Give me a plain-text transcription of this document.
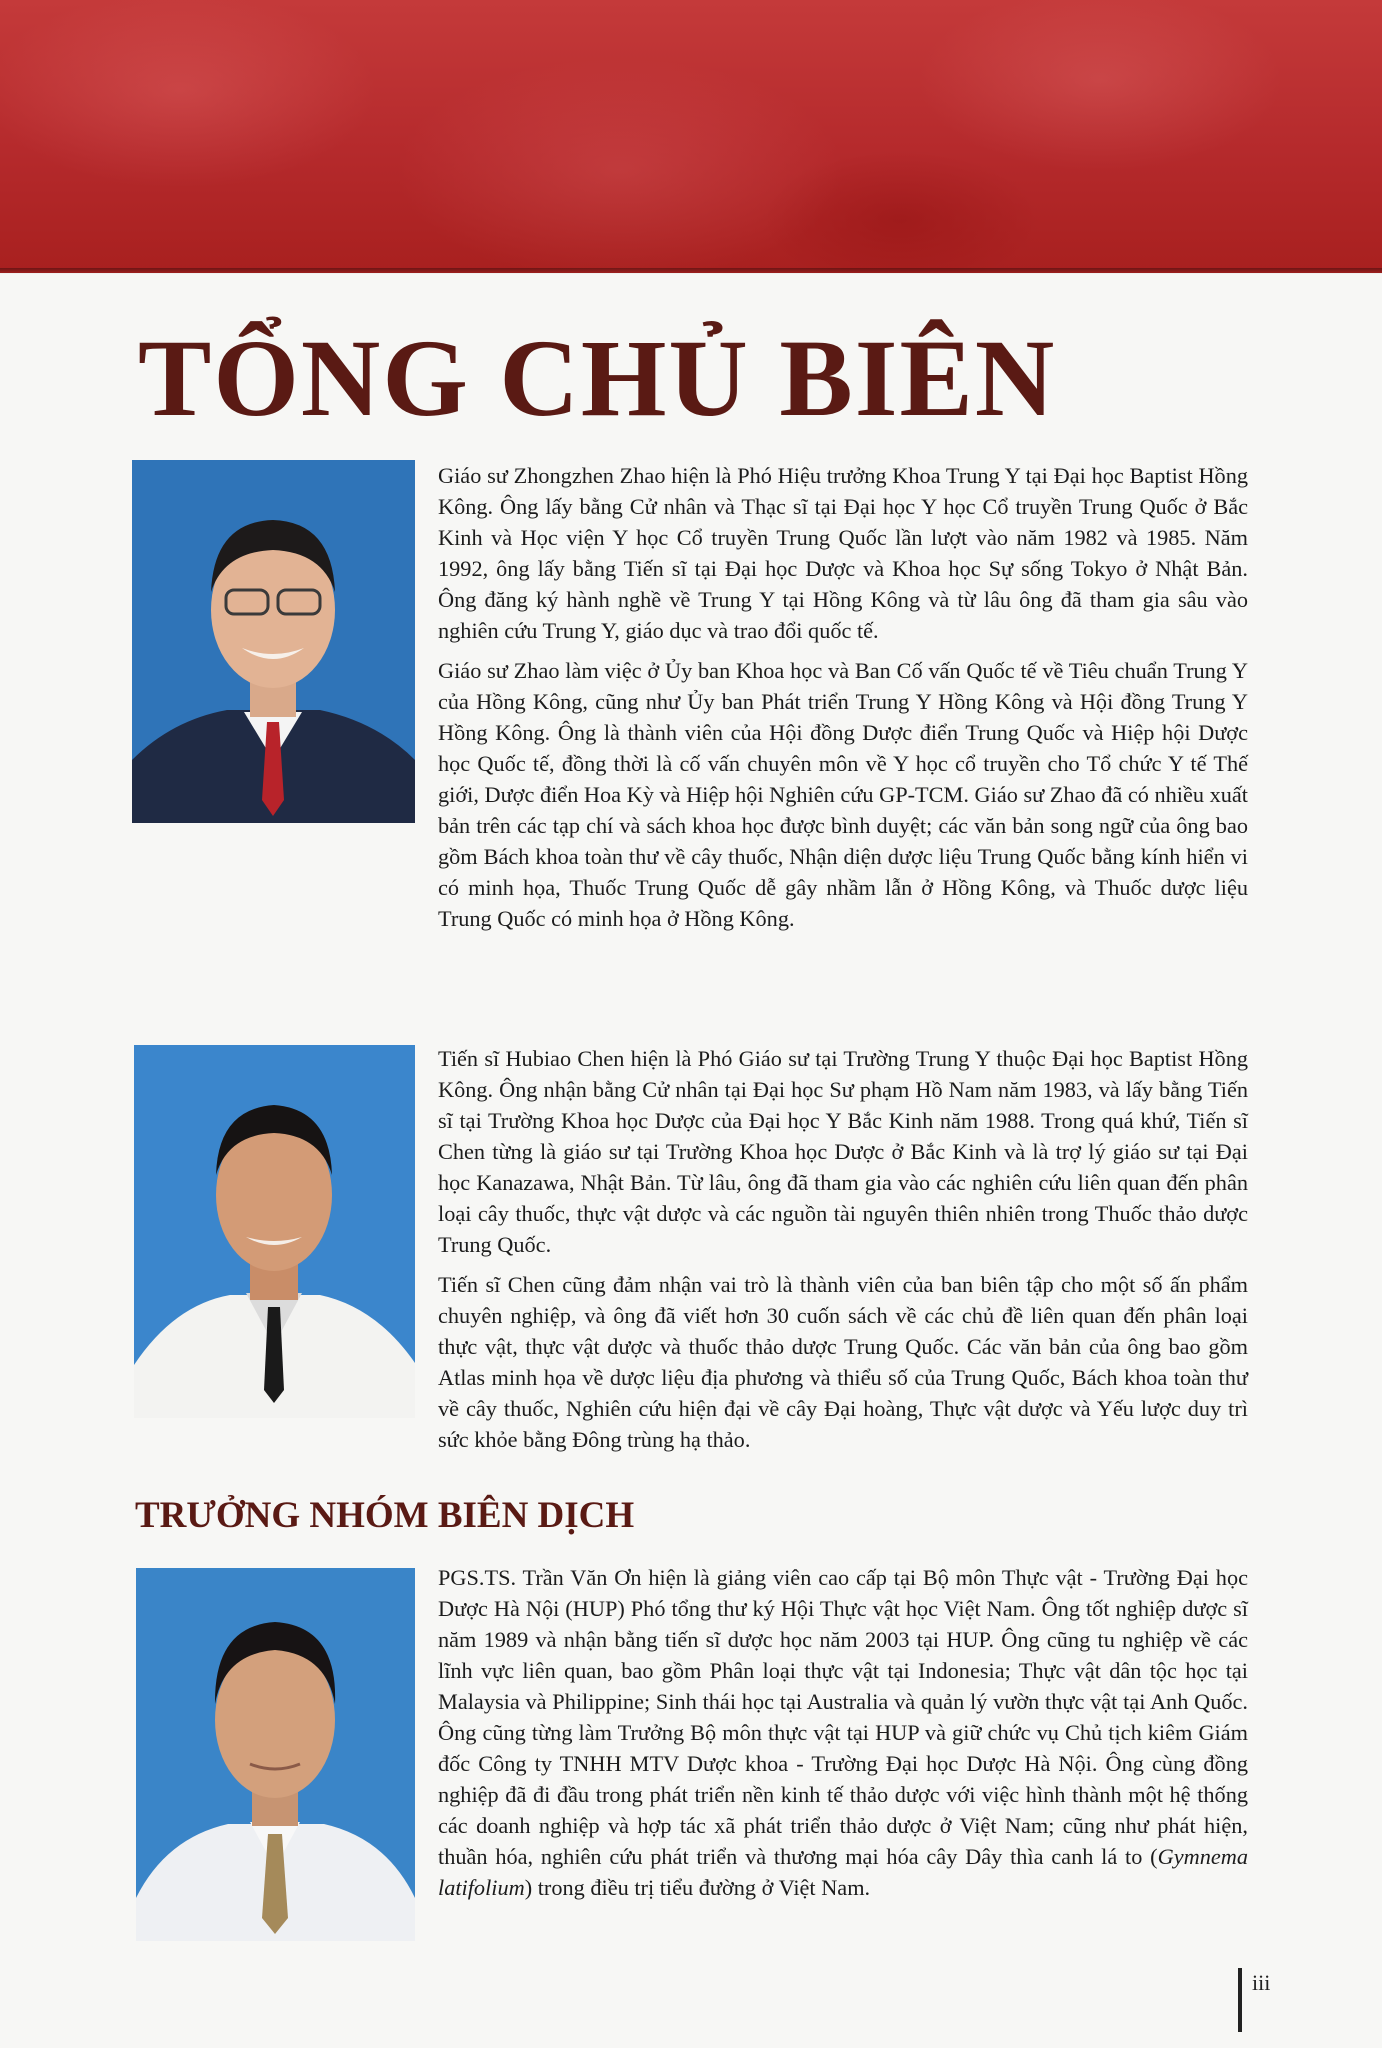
TỔNG CHỦ BIÊN

Giáo sư Zhongzhen Zhao hiện là Phó Hiệu trưởng Khoa Trung Y tại Đại học Baptist Hồng Kông. Ông lấy bằng Cử nhân và Thạc sĩ tại Đại học Y học Cổ truyền Trung Quốc ở Bắc Kinh và Học viện Y học Cổ truyền Trung Quốc lần lượt vào năm 1982 và 1985. Năm 1992, ông lấy bằng Tiến sĩ tại Đại học Dược và Khoa học Sự sống Tokyo ở Nhật Bản. Ông đăng ký hành nghề về Trung Y tại Hồng Kông và từ lâu ông đã tham gia sâu vào nghiên cứu Trung Y, giáo dục và trao đổi quốc tế.

Giáo sư Zhao làm việc ở Ủy ban Khoa học và Ban Cố vấn Quốc tế về Tiêu chuẩn Trung Y của Hồng Kông, cũng như Ủy ban Phát triển Trung Y Hồng Kông và Hội đồng Trung Y Hồng Kông. Ông là thành viên của Hội đồng Dược điển Trung Quốc và Hiệp hội Dược học Quốc tế, đồng thời là cố vấn chuyên môn về Y học cổ truyền cho Tổ chức Y tế Thế giới, Dược điển Hoa Kỳ và Hiệp hội Nghiên cứu GP-TCM. Giáo sư Zhao đã có nhiều xuất bản trên các tạp chí và sách khoa học được bình duyệt; các văn bản song ngữ của ông bao gồm Bách khoa toàn thư về cây thuốc, Nhận diện dược liệu Trung Quốc bằng kính hiển vi có minh họa, Thuốc Trung Quốc dễ gây nhầm lẫn ở Hồng Kông, và Thuốc dược liệu Trung Quốc có minh họa ở Hồng Kông.

Tiến sĩ Hubiao Chen hiện là Phó Giáo sư tại Trường Trung Y thuộc Đại học Baptist Hồng Kông. Ông nhận bằng Cử nhân tại Đại học Sư phạm Hồ Nam năm 1983, và lấy bằng Tiến sĩ tại Trường Khoa học Dược của Đại học Y Bắc Kinh năm 1988. Trong quá khứ, Tiến sĩ Chen từng là giáo sư tại Trường Khoa học Dược ở Bắc Kinh và là trợ lý giáo sư tại Đại học Kanazawa, Nhật Bản. Từ lâu, ông đã tham gia vào các nghiên cứu liên quan đến phân loại cây thuốc, thực vật dược và các nguồn tài nguyên thiên nhiên trong Thuốc thảo dược Trung Quốc.

Tiến sĩ Chen cũng đảm nhận vai trò là thành viên của ban biên tập cho một số ấn phẩm chuyên nghiệp, và ông đã viết hơn 30 cuốn sách về các chủ đề liên quan đến phân loại thực vật, thực vật dược và thuốc thảo dược Trung Quốc. Các văn bản của ông bao gồm Atlas minh họa về dược liệu địa phương và thiểu số của Trung Quốc, Bách khoa toàn thư về cây thuốc, Nghiên cứu hiện đại về cây Đại hoàng, Thực vật dược và Yếu lược duy trì sức khỏe bằng Đông trùng hạ thảo.

TRƯỞNG NHÓM BIÊN DỊCH

PGS.TS. Trần Văn Ơn hiện là giảng viên cao cấp tại Bộ môn Thực vật - Trường Đại học Dược Hà Nội (HUP) Phó tổng thư ký Hội Thực vật học Việt Nam. Ông tốt nghiệp dược sĩ năm 1989 và nhận bằng tiến sĩ dược học năm 2003 tại HUP. Ông cũng tu nghiệp về các lĩnh vực liên quan, bao gồm Phân loại thực vật tại Indonesia; Thực vật dân tộc học tại Malaysia và Philippine; Sinh thái học tại Australia và quản lý vườn thực vật tại Anh Quốc. Ông cũng từng làm Trưởng Bộ môn thực vật tại HUP và giữ chức vụ Chủ tịch kiêm Giám đốc Công ty TNHH MTV Dược khoa - Trường Đại học Dược Hà Nội. Ông cùng đồng nghiệp đã đi đầu trong phát triển nền kinh tế thảo dược với việc hình thành một hệ thống các doanh nghiệp và hợp tác xã phát triển thảo dược ở Việt Nam; cũng như phát hiện, thuần hóa, nghiên cứu phát triển và thương mại hóa cây Dây thìa canh lá to (Gymnema latifolium) trong điều trị tiểu đường ở Việt Nam.

iii
